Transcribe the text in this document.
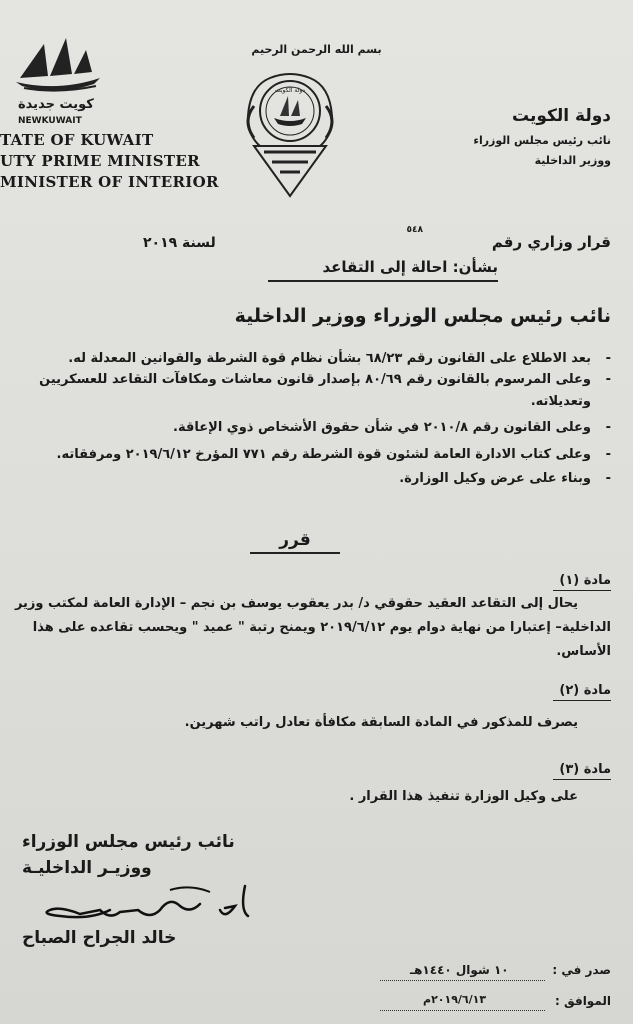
كويت جديدة
NEWKUWAIT
TATE OF KUWAIT
UTY PRIME MINISTER
MINISTER OF INTERIOR
بسم الله الرحمن الرحيم
دولة الكويت
دولة الكويت
نائب رئيس مجلس الوزراء
ووزير الداخلية
قرار وزاري رقم
٥٤٨
لسنة ٢٠١٩
بشأن: احالة إلى التقاعد
نائب رئيس مجلس الوزراء ووزير الداخلية
-بعد الاطلاع على القانون رقم ٦٨/٢٣ بشأن نظام قوة الشرطة والقوانين المعدلة له.
-وعلى المرسوم بالقانون رقم ٨٠/٦٩ بإصدار قانون معاشات ومكافآت التقاعد للعسكريين
وتعديلاته.
-وعلى القانون رقم ٢٠١٠/٨ في شأن حقوق الأشخاص ذوي الإعاقة.
-وعلى كتاب الادارة العامة لشئون قوة الشرطة رقم ٧٧١ المؤرخ ٢٠١٩/٦/١٢ ومرفقاته.
-وبناء على عرض وكيل الوزارة.
قرر
مادة (١)
يحال إلى التقاعد العقيد حقوقي د/ بدر يعقوب يوسف بن نجم – الإدارة العامة لمكتب وزير
الداخلية– إعتبارا من نهاية دوام يوم ٢٠١٩/٦/١٢ ويمنح رتبة " عميد " ويحسب تقاعده على هذا
الأساس.
مادة (٢)
يصرف للمذكور في المادة السابقة مكافأة تعادل راتب شهرين.
مادة (٣)
على وكيل الوزارة تنفيذ هذا القرار .
نائب رئيس مجلس الوزراء
ووزيـر الداخليـة
خالد الجراح الصباح
صدر في :
١٠ شوال ١٤٤٠هـ
الموافق :
٢٠١٩/٦/١٣م
